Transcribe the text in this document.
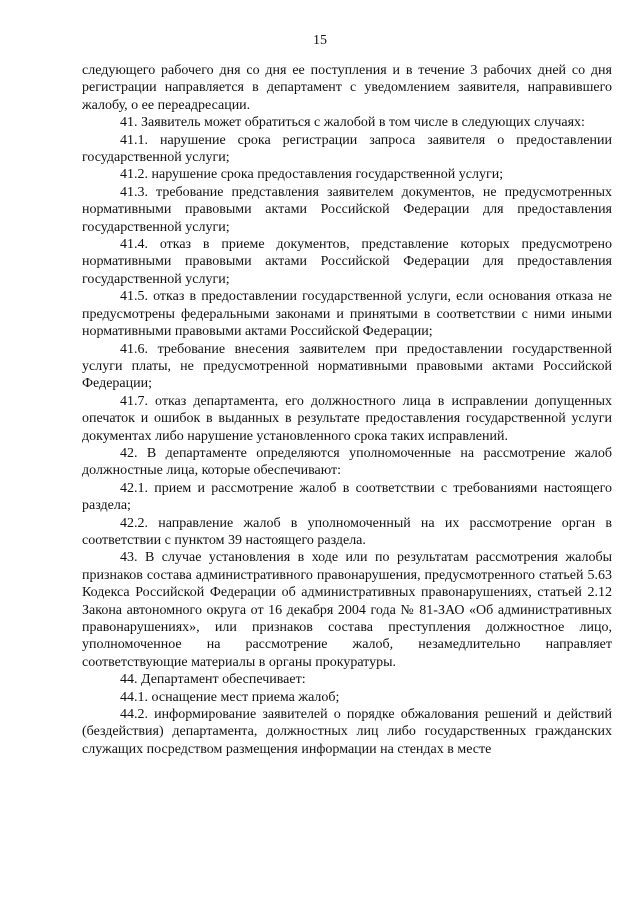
15

следующего рабочего дня со дня ее поступления и в течение 3 рабочих дней со дня регистрации направляется в департамент с уведомлением заявителя, направившего жалобу, о ее переадресации.

41. Заявитель может обратиться с жалобой в том числе в следующих случаях:

41.1. нарушение срока регистрации запроса заявителя о предоставлении государственной услуги;

41.2. нарушение срока предоставления государственной услуги;

41.3. требование представления заявителем документов, не предусмотренных нормативными правовыми актами Российской Федерации для предоставления государственной услуги;

41.4. отказ в приеме документов, представление которых предусмотрено нормативными правовыми актами Российской Федерации для предоставления государственной услуги;

41.5. отказ в предоставлении государственной услуги, если основания отказа не предусмотрены федеральными законами и принятыми в соответствии с ними иными нормативными правовыми актами Российской Федерации;

41.6. требование внесения заявителем при предоставлении государственной услуги платы, не предусмотренной нормативными правовыми актами Российской Федерации;

41.7. отказ департамента, его должностного лица в исправлении допущенных опечаток и ошибок в выданных в результате предоставления государственной услуги документах либо нарушение установленного срока таких исправлений.

42. В департаменте определяются уполномоченные на рассмотрение жалоб должностные лица, которые обеспечивают:

42.1. прием и рассмотрение жалоб в соответствии с требованиями настоящего раздела;

42.2. направление жалоб в уполномоченный на их рассмотрение орган в соответствии с пунктом 39 настоящего раздела.

43. В случае установления в ходе или по результатам рассмотрения жалобы признаков состава административного правонарушения, предусмотренного статьей 5.63 Кодекса Российской Федерации об административных правонарушениях, статьей 2.12 Закона автономного округа от 16 декабря 2004 года № 81-ЗАО «Об административных правонарушениях», или признаков состава преступления должностное лицо, уполномоченное на рассмотрение жалоб, незамедлительно направляет соответствующие материалы в органы прокуратуры.

44. Департамент обеспечивает:

44.1. оснащение мест приема жалоб;

44.2. информирование заявителей о порядке обжалования решений и действий (бездействия) департамента, должностных лиц либо государственных гражданских служащих посредством размещения информации на стендах в месте
